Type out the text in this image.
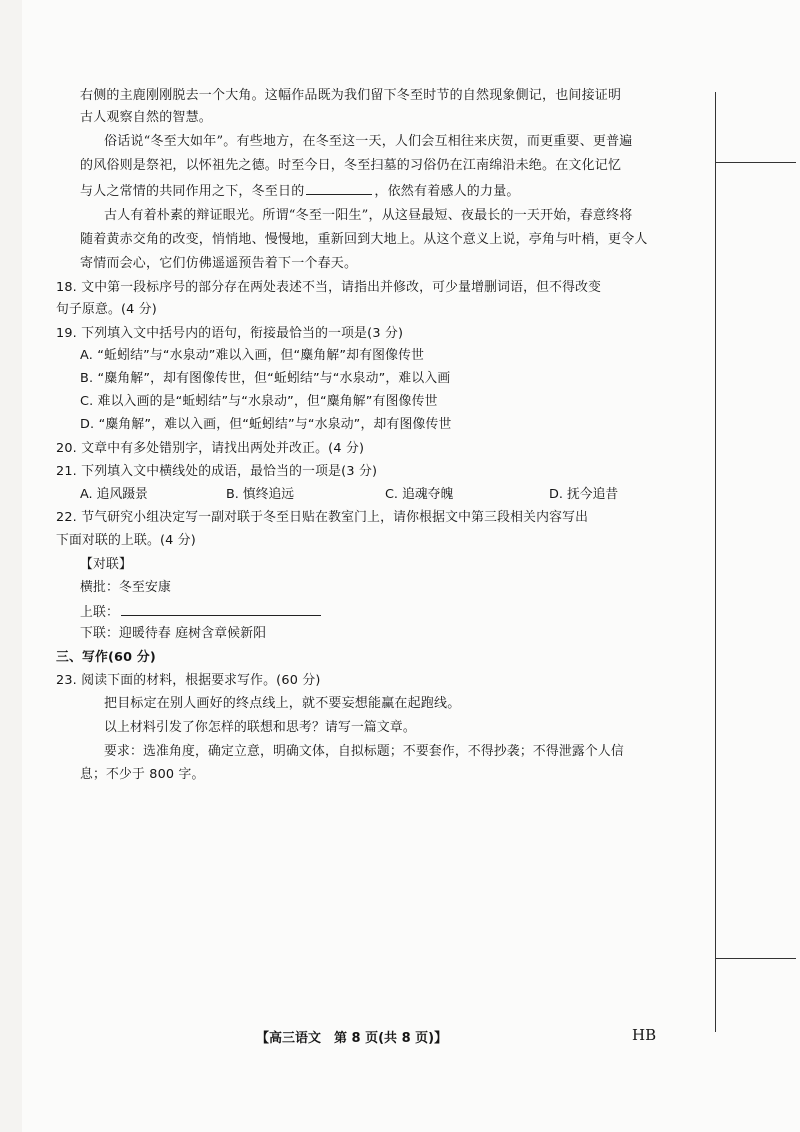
右侧的主鹿刚刚脱去一个大角。这幅作品既为我们留下冬至时节的自然现象側记，也间接证明
古人观察自然的智慧。
俗话说“冬至大如年”。有些地方，在冬至这一天，人们会互相往来庆贺，而更重要、更普遍
的风俗则是祭祀，以怀祖先之德。时至今日，冬至扫墓的习俗仍在江南绵沿未绝。在文化记忆
与人之常情的共同作用之下，冬至日的	，依然有着感人的力量。
古人有着朴素的辩证眼光。所谓“冬至一阳生”，从这昼最短、夜最长的一天开始，春意终将
随着黄赤交角的改变，悄悄地、慢慢地，重新回到大地上。从这个意义上说，亭角与叶梢，更令人
寄情而会心，它们仿佛遥遥预告着下一个春天。
18. 文中第一段标序号的部分存在两处表述不当，请指出并修改，可少量增删词语，但不得改变
句子原意。(4 分)
19. 下列填入文中括号内的语句，衔接最恰当的一项是(3 分)
A. “蚯蚓结”与“水泉动”难以入画，但“麋角解”却有图像传世
B. “麋角解”，却有图像传世，但“蚯蚓结”与“水泉动”，难以入画
C. 难以入画的是“蚯蚓结”与“水泉动”，但“麋角解”有图像传世
D. “麋角解”，难以入画，但“蚯蚓结”与“水泉动”，却有图像传世
20. 文章中有多处错别字，请找出两处并改正。(4 分)
21. 下列填入文中横线处的成语，最恰当的一项是(3 分)
A. 追风蹑景	B. 慎终追远	C. 追魂夺魄	D. 抚今追昔
22. 节气研究小组决定写一副对联于冬至日贴在教室门上，请你根据文中第三段相关内容写出
下面对联的上联。(4 分)
【对联】
横批：冬至安康
上联：
下联：迎暖待春 庭树含章候新阳
三、写作(60 分)
23. 阅读下面的材料，根据要求写作。(60 分)
把目标定在别人画好的终点线上，就不要妄想能赢在起跑线。
以上材料引发了你怎样的联想和思考？请写一篇文章。
要求：选准角度，确定立意，明确文体，自拟标题；不要套作，不得抄袭；不得泄露个人信
息；不少于 800 字。
【高三语文　第 8 页(共 8 页)】	HB
